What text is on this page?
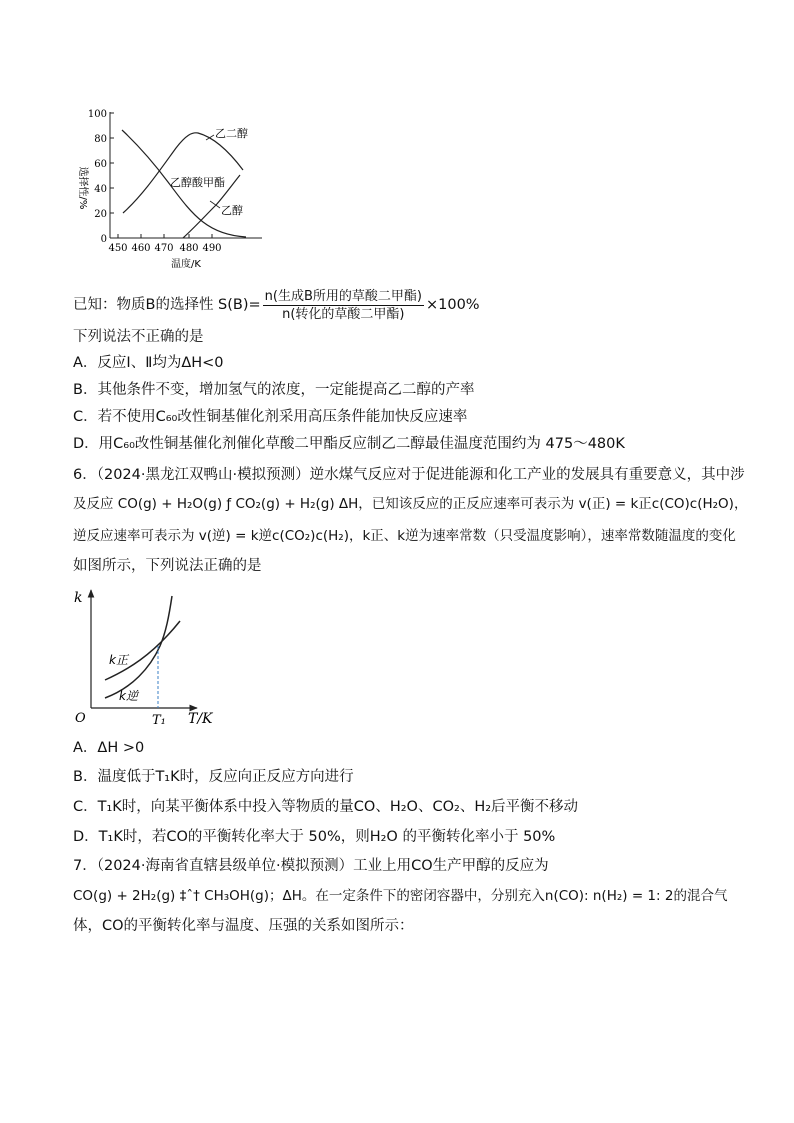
选择性/%
100
80
60
40
20
0
450 460 470 480 490
温度/K
乙二醇
乙醇酸甲酯
乙醇
已知：物质B的选择性 $S(B)= \frac{\text{n(生成B所用的草酸二甲酯)}}{\text{n(转化的草酸二甲酯)}} \times 100\%$
下列说法不正确的是
A．反应Ⅰ、Ⅱ均为ΔH<0
B．其他条件不变，增加氢气的浓度，一定能提高乙二醇的产率
C．若不使用C₆₀改性铜基催化剂采用高压条件能加快反应速率
D．用C₆₀改性铜基催化剂催化草酸二甲酯反应制乙二醇最佳温度范围约为 475～480K
6．（2024·黑龙江双鸭山·模拟预测）逆水煤气反应对于促进能源和化工产业的发展具有重要意义，其中涉
及反应 CO(g) + H₂O(g) ƒ CO₂(g) + H₂(g) ΔH，已知该反应的正反应速率可表示为 v(正) = k正c(CO)c(H₂O)，
逆反应速率可表示为 v(逆) = k逆c(CO₂)c(H₂)，k正、k逆为速率常数（只受温度影响），速率常数随温度的变化
如图所示，下列说法正确的是
k
O	T/K
T₁
k正
k逆
A．ΔH >0
B．温度低于T₁K时，反应向正反应方向进行
C．T₁K时，向某平衡体系中投入等物质的量CO、H₂O、CO₂、H₂后平衡不移动
D．T₁K时，若CO的平衡转化率大于 50%，则H₂O 的平衡转化率小于 50%
7．（2024·海南省直辖县级单位·模拟预测）工业上用CO生产甲醇的反应为
CO(g) + 2H₂(g) ‡ˆ† CH₃OH(g)；ΔH。在一定条件下的密闭容器中，分别充入n(CO): n(H₂) = 1: 2的混合气
体，CO的平衡转化率与温度、压强的关系如图所示：
